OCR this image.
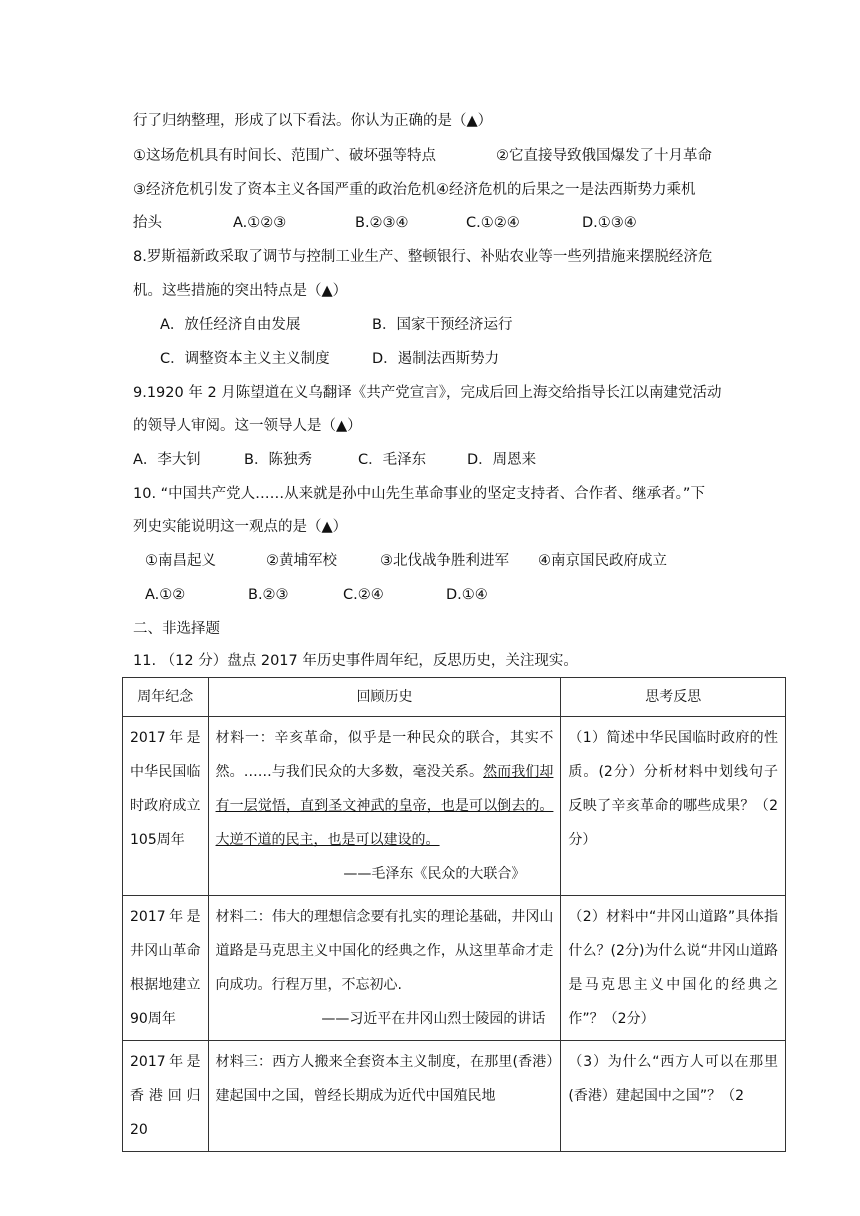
行了归纳整理，形成了以下看法。你认为正确的是（▲）
①这场危机具有时间长、范围广、破坏强等特点	②它直接导致俄国爆发了十月革命
③经济危机引发了资本主义各国严重的政治危机④经济危机的后果之一是法西斯势力乘机
抬头	A.①②③	B.②③④	C.①②④	D.①③④
8.罗斯福新政采取了调节与控制工业生产、整顿银行、补贴农业等一些列措施来摆脱经济危
机。这些措施的突出特点是（▲）
A．放任经济自由发展	B．国家干预经济运行
C．调整资本主义主义制度	D．遏制法西斯势力
9.1920 年 2 月陈望道在义乌翻译《共产党宣言》，完成后回上海交给指导长江以南建党活动
的领导人审阅。这一领导人是（▲）
A．李大钊	B．陈独秀	C．毛泽东	D．周恩来
10. “中国共产党人……从来就是孙中山先生革命事业的坚定支持者、合作者、继承者。”下
列史实能说明这一观点的是（▲）
①南昌起义	②黄埔军校	③北伐战争胜利进军 ④南京国民政府成立
A.①②	B.②③	C.②④	D.①④
二、非选择题
11. （12 分）盘点 2017 年历史事件周年纪，反思历史，关注现实。
周年纪念	回顾历史	思考反思
2017年是中华民国临时政府成立105周年	材料一：辛亥革命，似乎是一种民众的联合，其实不然。……与我们民众的大多数，毫没关系。然而我们却有一层觉悟，直到圣文神武的皇帝，也是可以倒去的。大逆不道的民主，也是可以建设的。
——毛泽东《民众的大联合》	（1）简述中华民国临时政府的性质。(2分）分析材料中划线句子反映了辛亥革命的哪些成果？（2分）
2017年是井冈山革命根据地建立90周年	材料二：伟大的理想信念要有扎实的理论基础，井冈山道路是马克思主义中国化的经典之作，从这里革命才走向成功。行程万里，不忘初心.
——习近平在井冈山烈士陵园的讲话	（2）材料中“井冈山道路”具体指什么？(2分)为什么说“井冈山道路是马克思主义中国化的经典之作”？（2分）
2017年是香港回归20	材料三：西方人搬来全套资本主义制度，在那里(香港）建起国中之国，曾经长期成为近代中国殖民地	（3）为什么“西方人可以在那里(香港）建起国中之国”？（2
